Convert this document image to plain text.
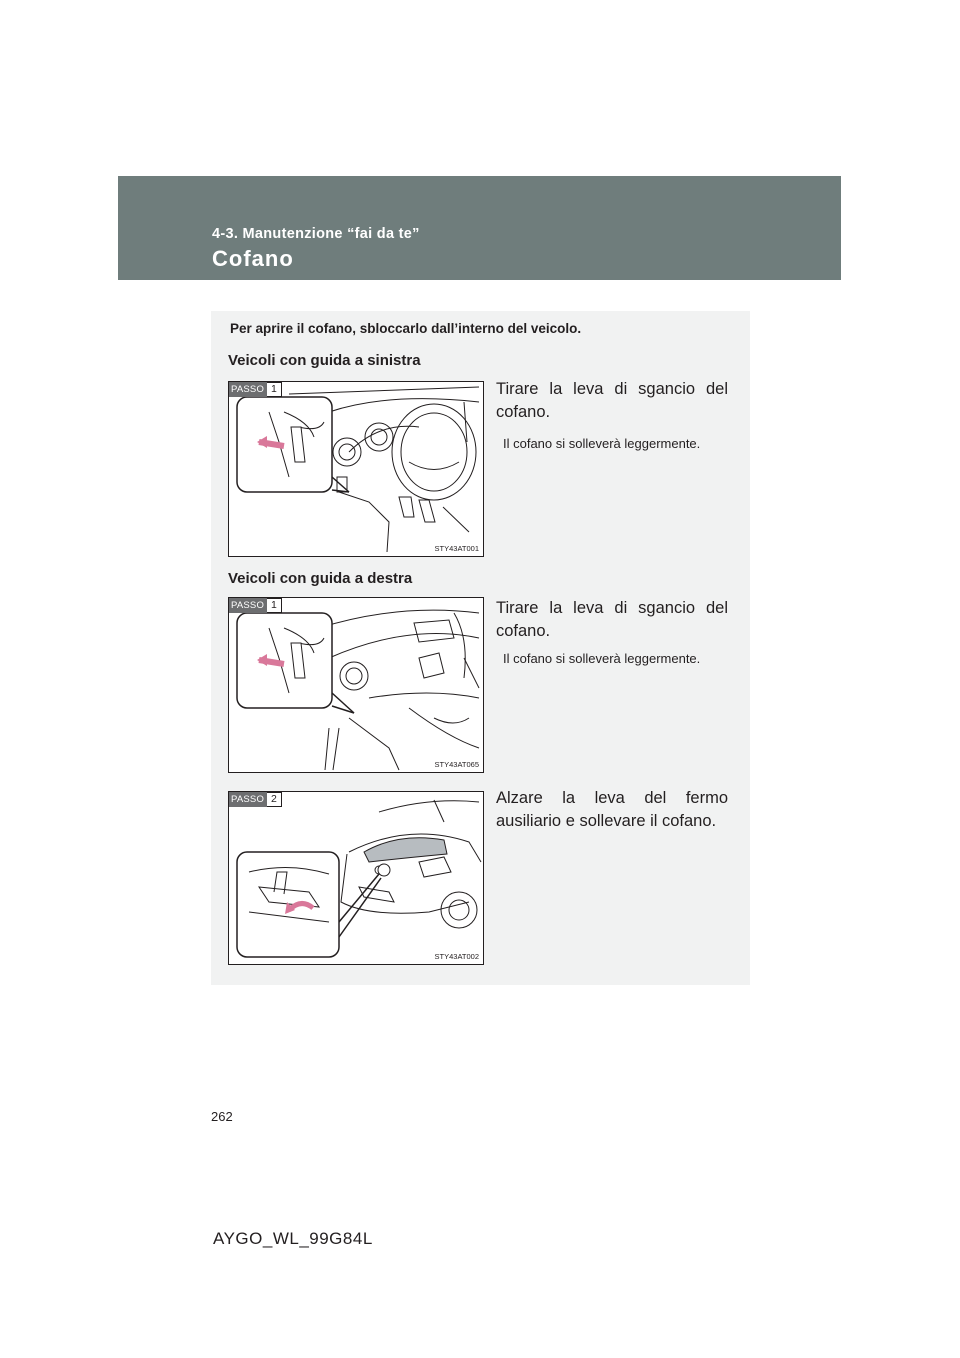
4-3. Manutenzione “fai da te”
Cofano
Per aprire il cofano, sbloccarlo dall’interno del veicolo.
Veicoli con guida a sinistra
PASSO 1
STY43AT001
Tirare la leva di sgancio del cofano.
Il cofano si solleverà leggermente.
Veicoli con guida a destra
PASSO 1
STY43AT065
Tirare la leva di sgancio del cofano.
Il cofano si solleverà leggermente.
PASSO 2
STY43AT002
Alzare la leva del fermo ausiliario e sollevare il cofano.
262
AYGO_WL_99G84L
